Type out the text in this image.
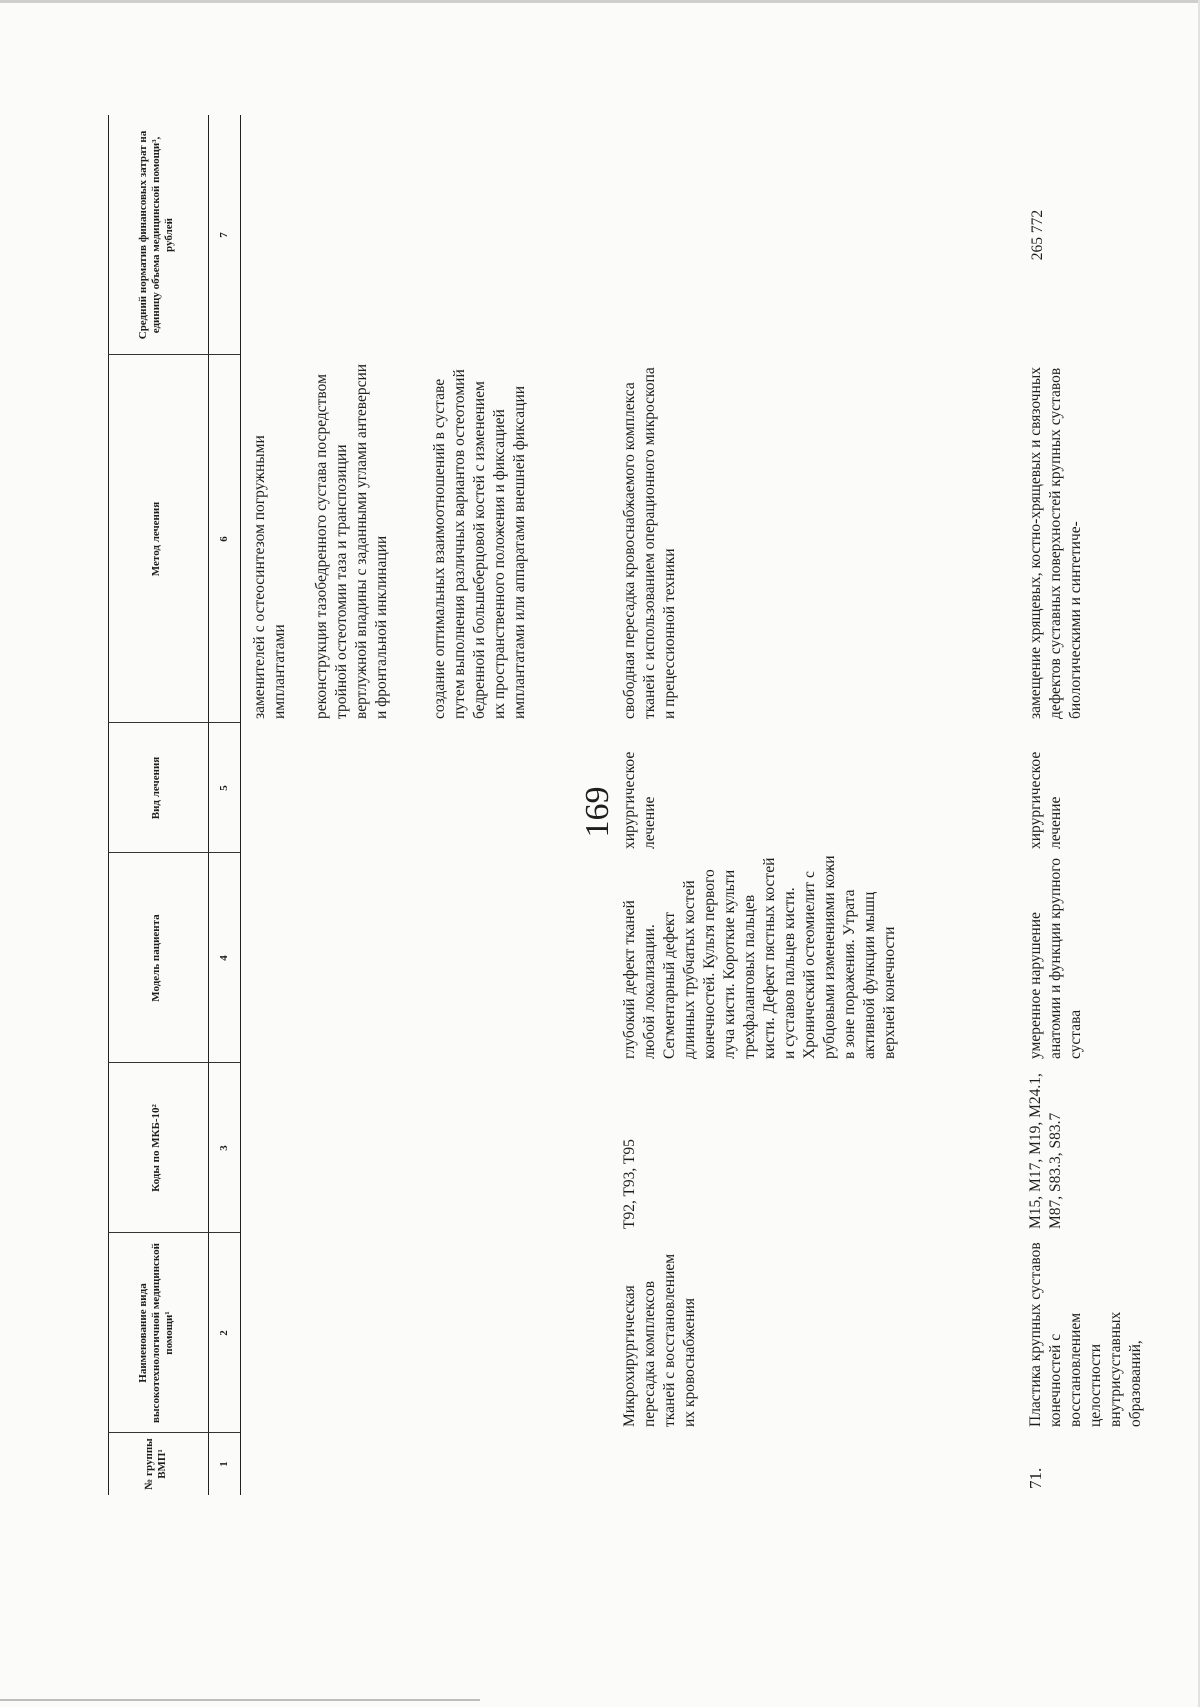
169
№ группы ВМП¹
Наименование вида высокотехнологичной медицинской помощи¹
Коды по МКБ-10²
Модель пациента
Вид лечения
Метод лечения
Средний норматив финансовых затрат на единицу объема медицинской помощи³, рублей
1
2
3
4
5
6
7
заменителей с остеосинтезом погружными имплантатами реконструкция тазобедренного сустава посредством тройной остеотомии таза и транспозиции вертлужной впадины с заданными углами антеверсии и фронтальной инклинации	создание оптимальных взаимоотношений в суставе путем выполнения различных вариантов остеотомий бедренной и большеберцовой костей с изменением их пространственного положения и фиксацией имплантатами или аппаратами внешней фиксации
Микрохирургическая пересадка комплексов тканей с восстановлением их кровоснабжения
T92, T93, T95
глубокий дефект тканей любой локализации. Сегментарный дефект длинных трубчатых костей конечностей. Культя первого луча кисти. Короткие культи трехфаланговых пальцев кисти. Дефект пястных костей и суставов пальцев кисти. Хронический остеомиелит с рубцовыми изменениями кожи в зоне поражения. Утрата активной функции мышц верхней конечности
хирургическое лечение
свободная пересадка кровоснабжаемого комплекса тканей с использованием операционного микроскопа и прецессионной техники
71.
Пластика крупных суставов конечностей с восстановлением целостности внутрисуставных образований,
M15, M17, M19, M24.1, M87, S83.3, S83.7
умеренное нарушение анатомии и функции крупного сустава
хирургическое лечение
замещение хрящевых, костно-хрящевых и связочных дефектов суставных поверхностей крупных суставов биологическими и синтетиче-
265 772
